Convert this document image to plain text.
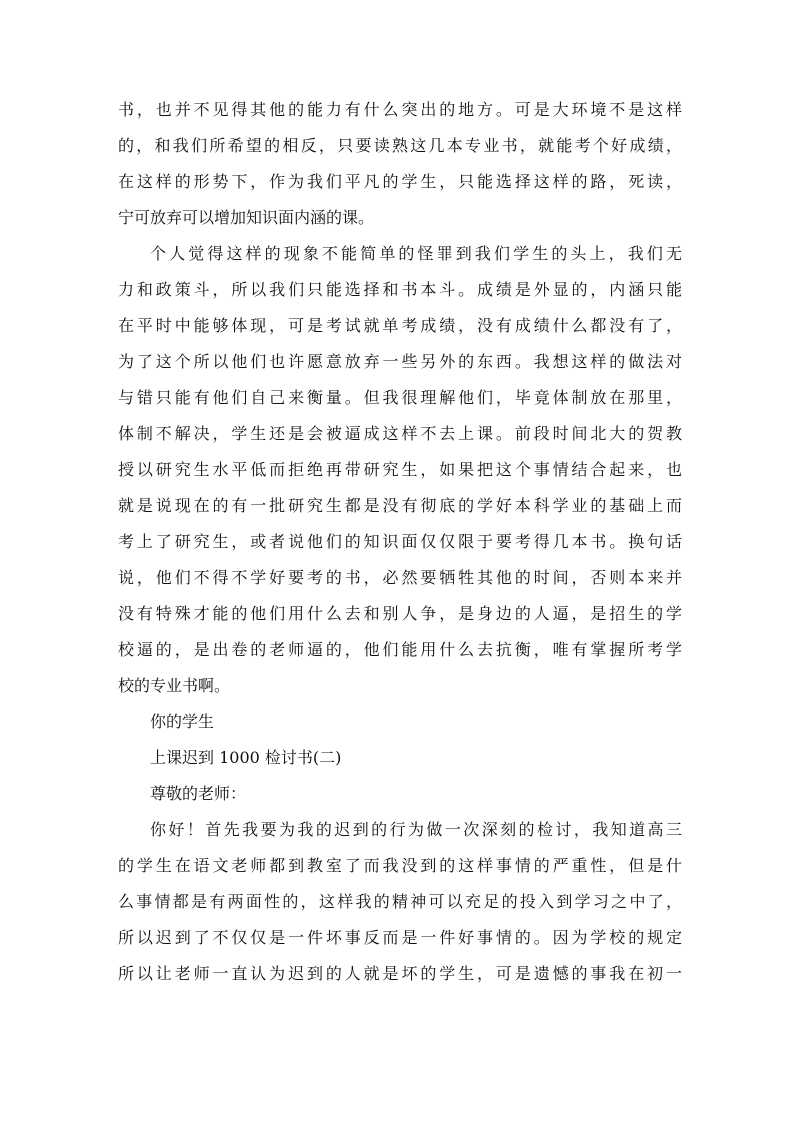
书，也并不见得其他的能力有什么突出的地方。可是大环境不是这样
的，和我们所希望的相反，只要读熟这几本专业书，就能考个好成绩，
在这样的形势下，作为我们平凡的学生，只能选择这样的路，死读，
宁可放弃可以增加知识面内涵的课。

个人觉得这样的现象不能简单的怪罪到我们学生的头上，我们无
力和政策斗，所以我们只能选择和书本斗。成绩是外显的，内涵只能
在平时中能够体现，可是考试就单考成绩，没有成绩什么都没有了，
为了这个所以他们也许愿意放弃一些另外的东西。我想这样的做法对
与错只能有他们自己来衡量。但我很理解他们，毕竟体制放在那里，
体制不解决，学生还是会被逼成这样不去上课。前段时间北大的贺教
授以研究生水平低而拒绝再带研究生，如果把这个事情结合起来，也
就是说现在的有一批研究生都是没有彻底的学好本科学业的基础上而
考上了研究生，或者说他们的知识面仅仅限于要考得几本书。换句话
说，他们不得不学好要考的书，必然要牺牲其他的时间，否则本来并
没有特殊才能的他们用什么去和别人争，是身边的人逼，是招生的学
校逼的，是出卷的老师逼的，他们能用什么去抗衡，唯有掌握所考学
校的专业书啊。

你的学生

上课迟到 1000 检讨书(二)

尊敬的老师：

你好！首先我要为我的迟到的行为做一次深刻的检讨，我知道高三
的学生在语文老师都到教室了而我没到的这样事情的严重性，但是什
么事情都是有两面性的，这样我的精神可以充足的投入到学习之中了，
所以迟到了不仅仅是一件坏事反而是一件好事情的。因为学校的规定
所以让老师一直认为迟到的人就是坏的学生，可是遗憾的事我在初一
